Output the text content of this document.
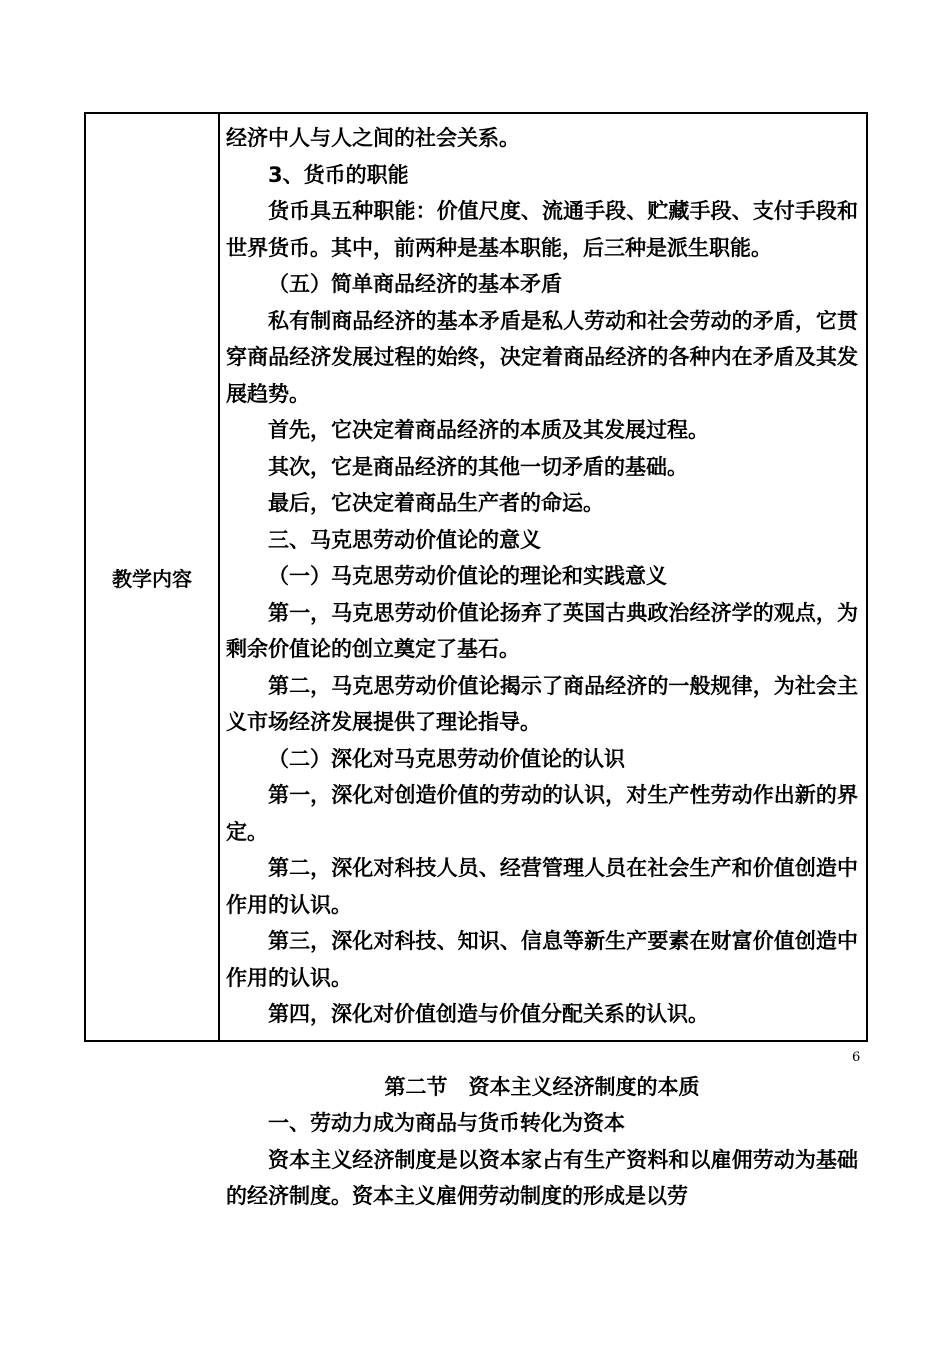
教学内容

经济中人与人之间的社会关系。

3、货币的职能

货币具五种职能：价值尺度、流通手段、贮藏手段、支付手段和世界货币。其中，前两种是基本职能，后三种是派生职能。

（五）简单商品经济的基本矛盾

私有制商品经济的基本矛盾是私人劳动和社会劳动的矛盾，它贯穿商品经济发展过程的始终，决定着商品经济的各种内在矛盾及其发展趋势。

首先，它决定着商品经济的本质及其发展过程。

其次，它是商品经济的其他一切矛盾的基础。

最后，它决定着商品生产者的命运。

三、马克思劳动价值论的意义

（一）马克思劳动价值论的理论和实践意义

第一，马克思劳动价值论扬弃了英国古典政治经济学的观点，为剩余价值论的创立奠定了基石。

第二，马克思劳动价值论揭示了商品经济的一般规律，为社会主义市场经济发展提供了理论指导。

（二）深化对马克思劳动价值论的认识

第一，深化对创造价值的劳动的认识，对生产性劳动作出新的界定。

第二，深化对科技人员、经营管理人员在社会生产和价值创造中作用的认识。

第三，深化对科技、知识、信息等新生产要素在财富价值创造中作用的认识。

第四，深化对价值创造与价值分配关系的认识。

第二节　资本主义经济制度的本质

一、劳动力成为商品与货币转化为资本

资本主义经济制度是以资本家占有生产资料和以雇佣劳动为基础的经济制度。资本主义雇佣劳动制度的形成是以劳

6
